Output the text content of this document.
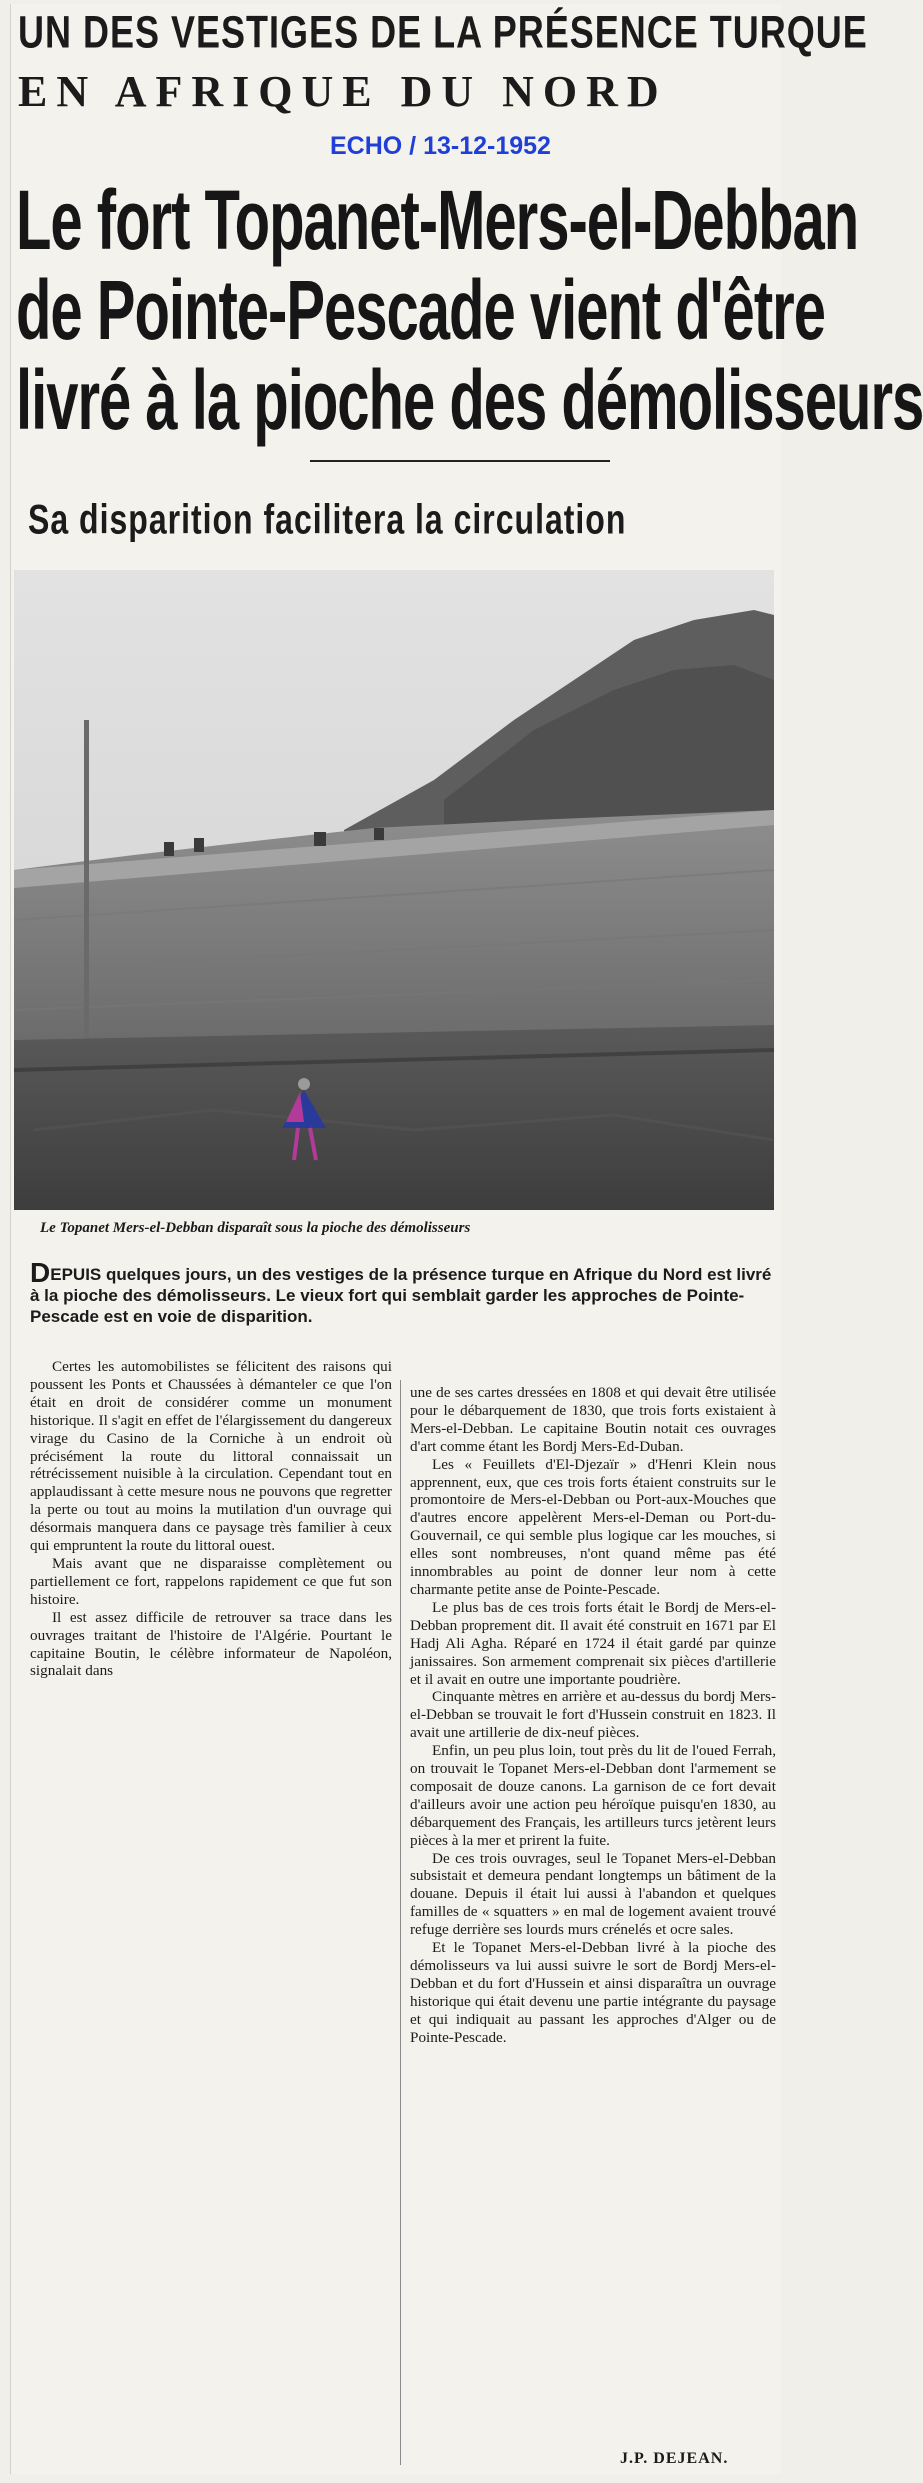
UN DES VESTIGES DE LA PRÉSENCE TURQUE
EN AFRIQUE DU NORD
ECHO / 13-12-1952
Le fort Topanet-Mers-el-Debban
de Pointe-Pescade vient d'être
livré à la pioche des démolisseurs
Sa disparition facilitera la circulation
Le Topanet Mers-el-Debban disparaît sous la pioche des démolisseurs
DEPUIS quelques jours, un des vestiges de la présence turque en Afrique du Nord est livré à la pioche des démolisseurs. Le vieux fort qui semblait garder les approches de Pointe-Pescade est en voie de disparition.

Certes les automobilistes se félicitent des raisons qui poussent les Ponts et Chaussées à démanteler ce que l'on était en droit de considérer comme un monument historique. Il s'agit en effet de l'élargissement du dangereux virage du Casino de la Corniche à un endroit où précisément la route du littoral connaissait un rétrécissement nuisible à la circulation. Cependant tout en applaudissant à cette mesure nous ne pouvons que regretter la perte ou tout au moins la mutilation d'un ouvrage qui désormais manquera dans ce paysage très familier à ceux qui empruntent la route du littoral ouest.

Mais avant que ne disparaisse complètement ou partiellement ce fort, rappelons rapidement ce que fut son histoire.

Il est assez difficile de retrouver sa trace dans les ouvrages traitant de l'histoire de l'Algérie. Pourtant le capitaine Boutin, le célèbre informateur de Napoléon, signalait dans

une de ses cartes dressées en 1808 et qui devait être utilisée pour le débarquement de 1830, que trois forts existaient à Mers-el-Debban. Le capitaine Boutin notait ces ouvrages d'art comme étant les Bordj Mers-Ed-Duban.

Les « Feuillets d'El-Djezaïr » d'Henri Klein nous apprennent, eux, que ces trois forts étaient construits sur le promontoire de Mers-el-Debban ou Port-aux-Mouches que d'autres encore appelèrent Mers-el-Deman ou Port-du-Gouvernail, ce qui semble plus logique car les mouches, si elles sont nombreuses, n'ont quand même pas été innombrables au point de donner leur nom à cette charmante petite anse de Pointe-Pescade.

Le plus bas de ces trois forts était le Bordj de Mers-el-Debban proprement dit. Il avait été construit en 1671 par El Hadj Ali Agha. Réparé en 1724 il était gardé par quinze janissaires. Son armement comprenait six pièces d'artillerie et il avait en outre une importante poudrière.

Cinquante mètres en arrière et au-dessus du bordj Mers-el-Debban se trouvait le fort d'Hussein construit en 1823. Il avait une artillerie de dix-neuf pièces.

Enfin, un peu plus loin, tout près du lit de l'oued Ferrah, on trouvait le Topanet Mers-el-Debban dont l'armement se composait de douze canons. La garnison de ce fort devait d'ailleurs avoir une action peu héroïque puisqu'en 1830, au débarquement des Français, les artilleurs turcs jetèrent leurs pièces à la mer et prirent la fuite.

De ces trois ouvrages, seul le Topanet Mers-el-Debban subsistait et demeura pendant longtemps un bâtiment de la douane. Depuis il était lui aussi à l'abandon et quelques familles de « squatters » en mal de logement avaient trouvé refuge derrière ses lourds murs crénelés et ocre sales.

Et le Topanet Mers-el-Debban livré à la pioche des démolisseurs va lui aussi suivre le sort de Bordj Mers-el-Debban et du fort d'Hussein et ainsi disparaîtra un ouvrage historique qui était devenu une partie intégrante du paysage et qui indiquait au passant les approches d'Alger ou de Pointe-Pescade.

J.P. DEJEAN.
